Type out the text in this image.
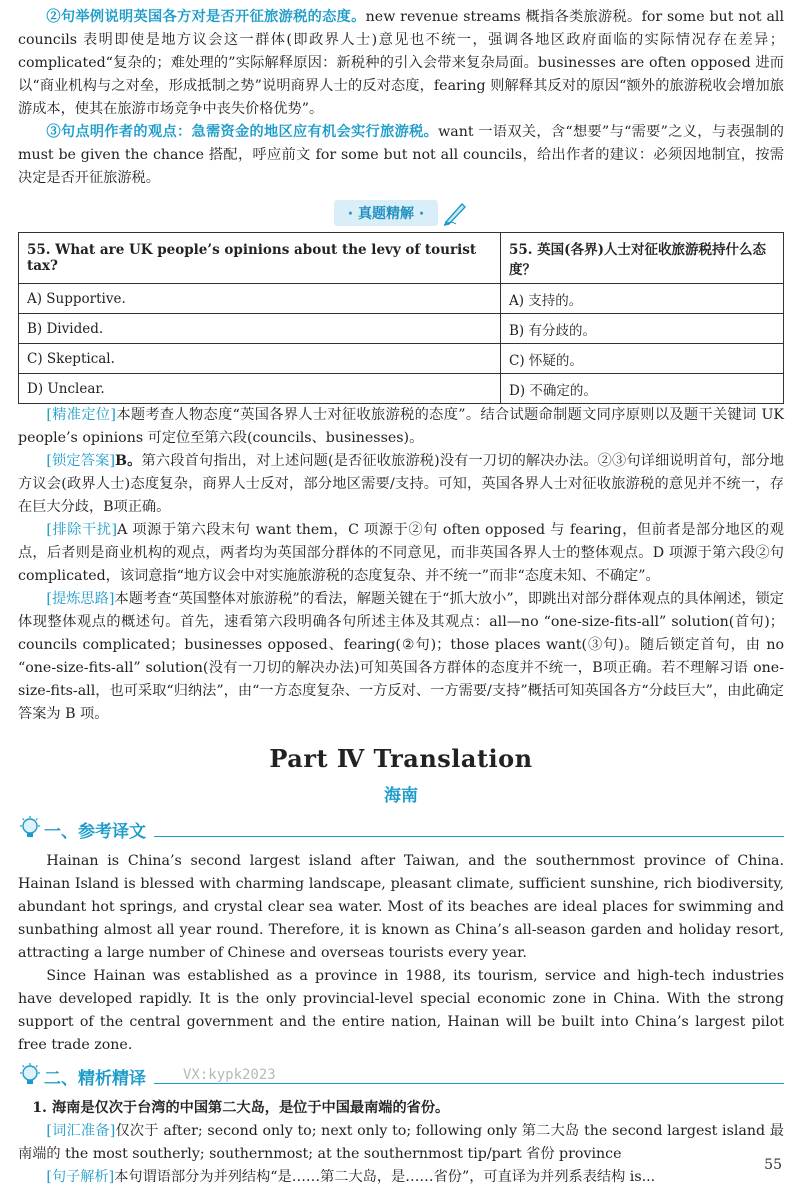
②句举例说明英国各方对是否开征旅游税的态度。new revenue streams 概指各类旅游税。for some but not all councils 表明即使是地方议会这一群体(即政界人士)意见也不统一，强调各地区政府面临的实际情况存在差异；complicated“复杂的；难处理的”实际解释原因：新税种的引入会带来复杂局面。businesses are often opposed 进而以“商业机构与之对垒，形成抵制之势”说明商界人士的反对态度，fearing 则解释其反对的原因“额外的旅游税收会增加旅游成本，使其在旅游市场竞争中丧失价格优势”。

③句点明作者的观点：急需资金的地区应有机会实行旅游税。want 一语双关，含“想要”与“需要”之义，与表强制的 must be given the chance 搭配，呼应前文 for some but not all councils，给出作者的建议：必须因地制宜，按需决定是否开征旅游税。

· 真题精解 ·
55. What are UK people’s opinions about the levy of tourist tax?	55. 英国(各界)人士对征收旅游税持什么态度？
A) Supportive.	A) 支持的。
B) Divided.	B) 有分歧的。
C) Skeptical.	C) 怀疑的。
D) Unclear.	D) 不确定的。

[精准定位]本题考查人物态度“英国各界人士对征收旅游税的态度”。结合试题命制题文同序原则以及题干关键词 UK people’s opinions 可定位至第六段(councils、businesses)。

[锁定答案]B。第六段首句指出，对上述问题(是否征收旅游税)没有一刀切的解决办法。②③句详细说明首句，部分地方议会(政界人士)态度复杂，商界人士反对，部分地区需要/支持。可知，英国各界人士对征收旅游税的意见并不统一，存在巨大分歧，B项正确。

[排除干扰]A 项源于第六段末句 want them，C 项源于②句 often opposed 与 fearing，但前者是部分地区的观点，后者则是商业机构的观点，两者均为英国部分群体的不同意见，而非英国各界人士的整体观点。D 项源于第六段②句 complicated，该词意指“地方议会中对实施旅游税的态度复杂、并不统一”而非“态度未知、不确定”。

[提炼思路]本题考查“英国整体对旅游税”的看法，解题关键在于“抓大放小”，即跳出对部分群体观点的具体阐述，锁定体现整体观点的概述句。首先，速看第六段明确各句所述主体及其观点：all—no “one-size-fits-all” solution(首句)；councils complicated；businesses opposed、fearing(②句)；those places want(③句)。随后锁定首句，由 no “one-size-fits-all” solution(没有一刀切的解决办法)可知英国各方群体的态度并不统一，B项正确。若不理解习语 one-size-fits-all，也可采取“归纳法”，由“一方态度复杂、一方反对、一方需要/支持”概括可知英国各方“分歧巨大”，由此确定答案为 B 项。

Part Ⅳ Translation
海南
一、参考译文

Hainan is China’s second largest island after Taiwan, and the southernmost province of China. Hainan Island is blessed with charming landscape, pleasant climate, sufficient sunshine, rich biodiversity, abundant hot springs, and crystal clear sea water. Most of its beaches are ideal places for swimming and sunbathing almost all year round. Therefore, it is known as China’s all-season garden and holiday resort, attracting a large number of Chinese and overseas tourists every year.

Since Hainan was established as a province in 1988, its tourism, service and high-tech industries have developed rapidly. It is the only provincial-level special economic zone in China. With the strong support of the central government and the entire nation, Hainan will be built into China’s largest pilot free trade zone.

二、精析精译	VX:kypk2023

1. 海南是仅次于台湾的中国第二大岛，是位于中国最南端的省份。

[词汇准备]仅次于 after; second only to; next only to; following only 第二大岛 the second largest island 最南端的 the most southerly; southernmost; at the southernmost tip/part 省份 province

[句子解析]本句谓语部分为并列结构“是……第二大岛，是……省份”，可直译为并列系表结构 is...

55
